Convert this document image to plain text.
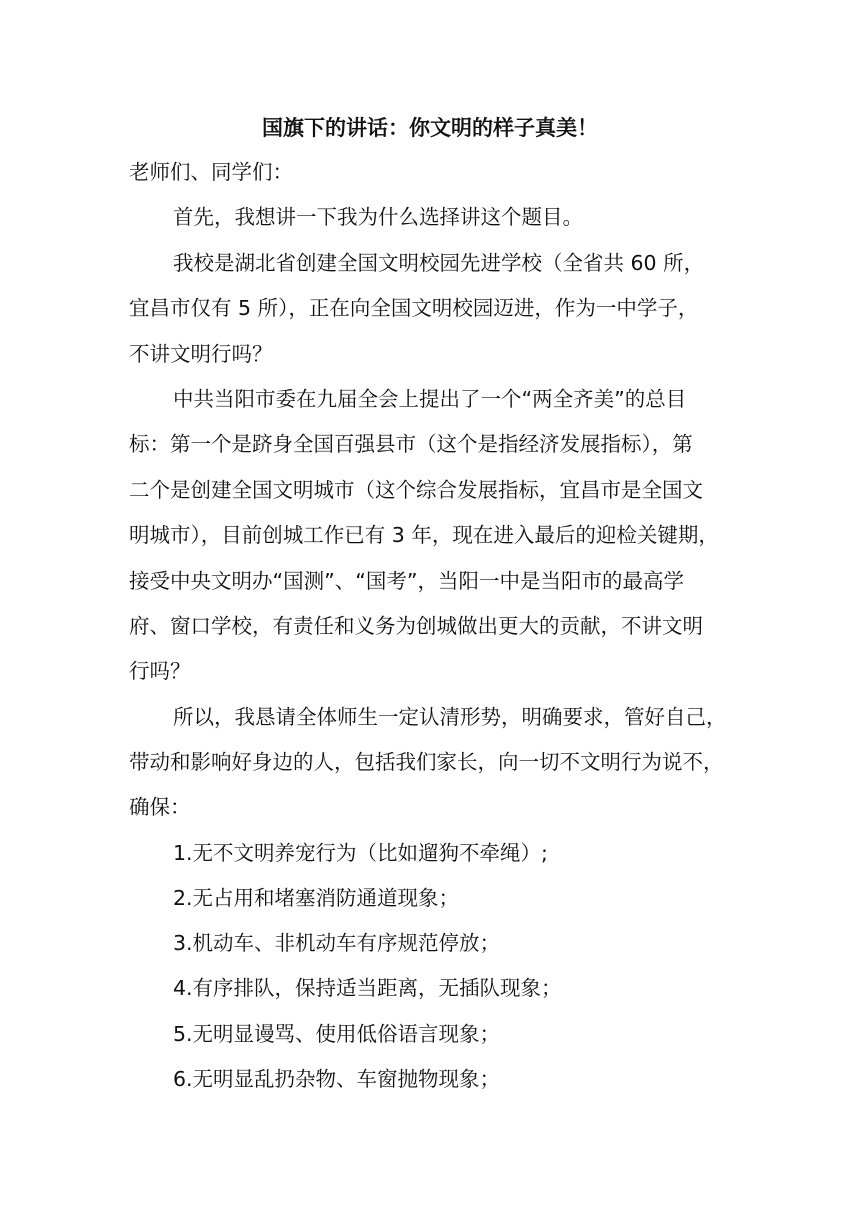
国旗下的讲话：你文明的样子真美！
老师们、同学们：
首先，我想讲一下我为什么选择讲这个题目。
我校是湖北省创建全国文明校园先进学校（全省共 60 所，
宜昌市仅有 5 所），正在向全国文明校园迈进，作为一中学子，
不讲文明行吗？
中共当阳市委在九届全会上提出了一个“两全齐美”的总目
标：第一个是跻身全国百强县市（这个是指经济发展指标），第
二个是创建全国文明城市（这个综合发展指标，宜昌市是全国文
明城市），目前创城工作已有 3 年，现在进入最后的迎检关键期，
接受中央文明办“国测”、“国考”，当阳一中是当阳市的最高学
府、窗口学校，有责任和义务为创城做出更大的贡献，不讲文明
行吗？
所以，我恳请全体师生一定认清形势，明确要求，管好自己，
带动和影响好身边的人，包括我们家长，向一切不文明行为说不，
确保：
1.无不文明养宠行为（比如遛狗不牵绳）;
2.无占用和堵塞消防通道现象；
3.机动车、非机动车有序规范停放；
4.有序排队，保持适当距离，无插队现象；
5.无明显谩骂、使用低俗语言现象；
6.无明显乱扔杂物、车窗抛物现象；
